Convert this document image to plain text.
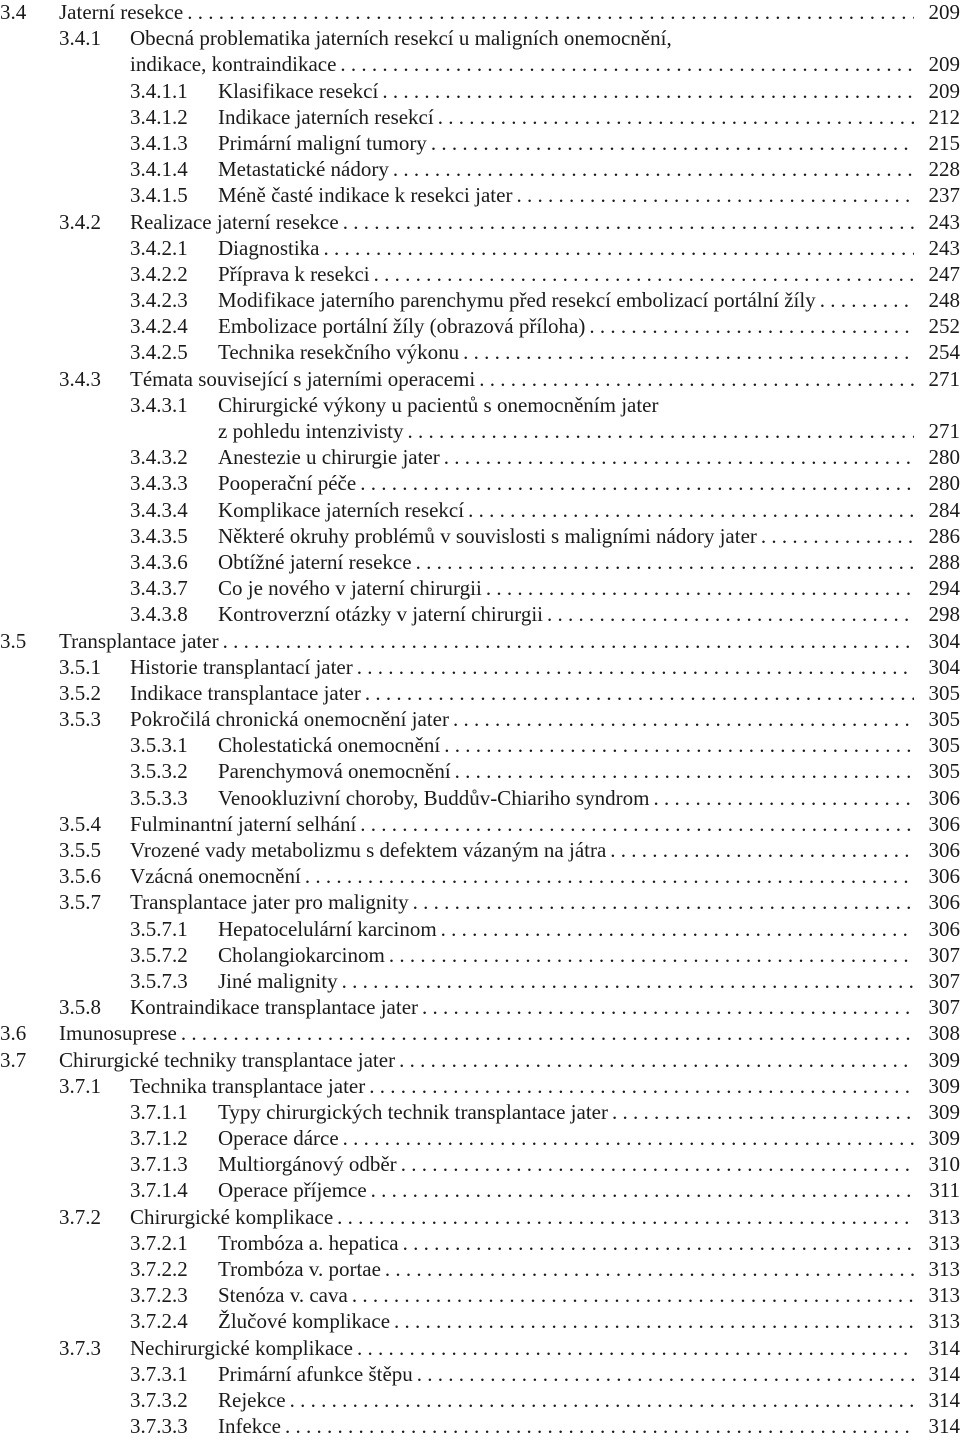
3.4 Jaterní resekce . . .	209
3.4.1 Obecná problematika jaterních resekcí u maligních onemocnění,
indikace, kontraindikace . . .	209
3.4.1.1 Klasifikace resekcí . . .	209
3.4.1.2 Indikace jaterních resekcí . . .	212
3.4.1.3 Primární maligní tumory . . .	215
3.4.1.4 Metastatické nádory . . .	228
3.4.1.5 Méně časté indikace k resekci jater . . .	237
3.4.2 Realizace jaterní resekce . . .	243
3.4.2.1 Diagnostika . . .	243
3.4.2.2 Příprava k resekci . . .	247
3.4.2.3 Modifikace jaterního parenchymu před resekcí embolizací portální žíly . . .	248
3.4.2.4 Embolizace portální žíly (obrazová příloha) . . .	252
3.4.2.5 Technika resekčního výkonu . . .	254
3.4.3 Témata související s jaterními operacemi . . .	271
3.4.3.1 Chirurgické výkony u pacientů s onemocněním jater
z pohledu intenzivisty . . .	271
3.4.3.2 Anestezie u chirurgie jater . . .	280
3.4.3.3 Pooperační péče . . .	280
3.4.3.4 Komplikace jaterních resekcí . . .	284
3.4.3.5 Některé okruhy problémů v souvislosti s maligními nádory jater . . .	286
3.4.3.6 Obtížné jaterní resekce . . .	288
3.4.3.7 Co je nového v jaterní chirurgii . . .	294
3.4.3.8 Kontroverzní otázky v jaterní chirurgii . . .	298
3.5 Transplantace jater . . .	304
3.5.1 Historie transplantací jater . . .	304
3.5.2 Indikace transplantace jater . . .	305
3.5.3 Pokročilá chronická onemocnění jater . . .	305
3.5.3.1 Cholestatická onemocnění . . .	305
3.5.3.2 Parenchymová onemocnění . . .	305
3.5.3.3 Venookluzivní choroby, Buddův-Chiariho syndrom . . .	306
3.5.4 Fulminantní jaterní selhání . . .	306
3.5.5 Vrozené vady metabolizmu s defektem vázaným na játra . . .	306
3.5.6 Vzácná onemocnění . . .	306
3.5.7 Transplantace jater pro malignity . . .	306
3.5.7.1 Hepatocelulární karcinom . . .	306
3.5.7.2 Cholangiokarcinom . . .	307
3.5.7.3 Jiné malignity . . .	307
3.5.8 Kontraindikace transplantace jater . . .	307
3.6 Imunosuprese . . .	308
3.7 Chirurgické techniky transplantace jater . . .	309
3.7.1 Technika transplantace jater . . .	309
3.7.1.1 Typy chirurgických technik transplantace jater . . .	309
3.7.1.2 Operace dárce . . .	309
3.7.1.3 Multiorgánový odběr . . .	310
3.7.1.4 Operace příjemce . . .	311
3.7.2 Chirurgické komplikace . . .	313
3.7.2.1 Trombóza a. hepatica . . .	313
3.7.2.2 Trombóza v. portae . . .	313
3.7.2.3 Stenóza v. cava . . .	313
3.7.2.4 Žlučové komplikace . . .	313
3.7.3 Nechirurgické komplikace . . .	314
3.7.3.1 Primární afunkce štěpu . . .	314
3.7.3.2 Rejekce . . .	314
3.7.3.3 Infekce . . .	314
